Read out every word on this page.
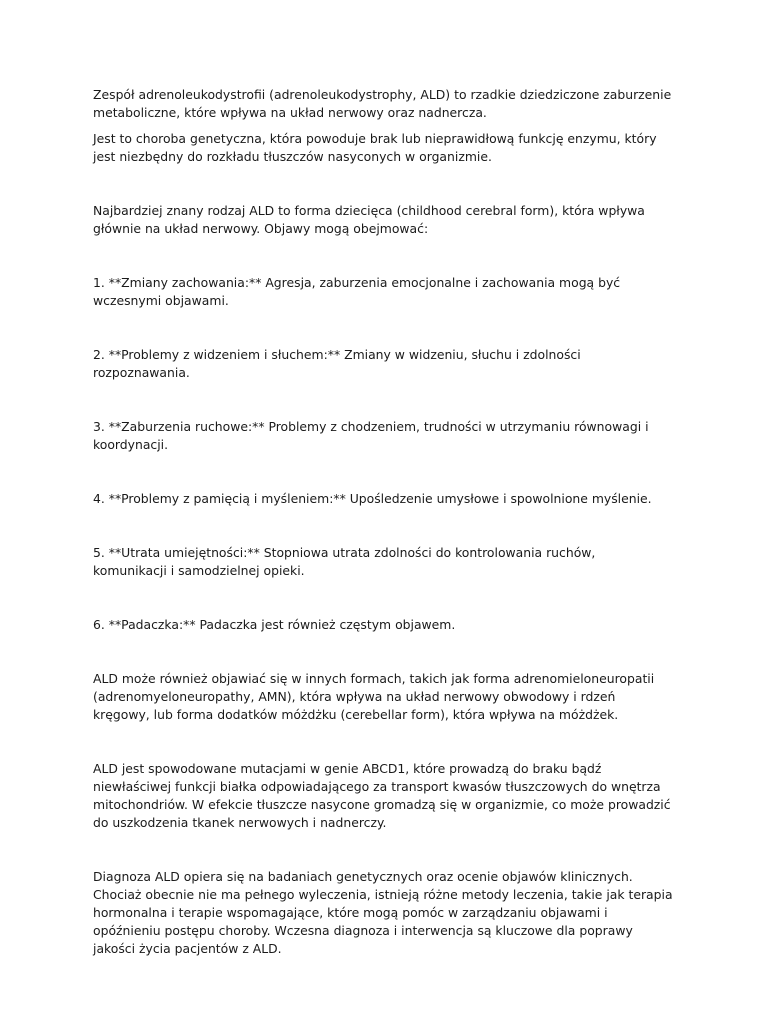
Zespół adrenoleukodystrofii (adrenoleukodystrophy, ALD) to rzadkie dziedziczone zaburzenie metaboliczne, które wpływa na układ nerwowy oraz nadnercza.

Jest to choroba genetyczna, która powoduje brak lub nieprawidłową funkcję enzymu, który jest niezbędny do rozkładu tłuszczów nasyconych w organizmie.

Najbardziej znany rodzaj ALD to forma dziecięca (childhood cerebral form), która wpływa głównie na układ nerwowy. Objawy mogą obejmować:

1. **Zmiany zachowania:** Agresja, zaburzenia emocjonalne i zachowania mogą być wczesnymi objawami.

2. **Problemy z widzeniem i słuchem:** Zmiany w widzeniu, słuchu i zdolności rozpoznawania.

3. **Zaburzenia ruchowe:** Problemy z chodzeniem, trudności w utrzymaniu równowagi i koordynacji.

4. **Problemy z pamięcią i myśleniem:** Upośledzenie umysłowe i spowolnione myślenie.

5. **Utrata umiejętności:** Stopniowa utrata zdolności do kontrolowania ruchów, komunikacji i samodzielnej opieki.

6. **Padaczka:** Padaczka jest również częstym objawem.

ALD może również objawiać się w innych formach, takich jak forma adrenomieloneuropatii (adrenomyeloneuropathy, AMN), która wpływa na układ nerwowy obwodowy i rdzeń kręgowy, lub forma dodatków móżdżku (cerebellar form), która wpływa na móżdżek.

ALD jest spowodowane mutacjami w genie ABCD1, które prowadzą do braku bądź niewłaściwej funkcji białka odpowiadającego za transport kwasów tłuszczowych do wnętrza mitochondriów. W efekcie tłuszcze nasycone gromadzą się w organizmie, co może prowadzić do uszkodzenia tkanek nerwowych i nadnerczy.

Diagnoza ALD opiera się na badaniach genetycznych oraz ocenie objawów klinicznych. Chociaż obecnie nie ma pełnego wyleczenia, istnieją różne metody leczenia, takie jak terapia hormonalna i terapie wspomagające, które mogą pomóc w zarządzaniu objawami i opóźnieniu postępu choroby. Wczesna diagnoza i interwencja są kluczowe dla poprawy jakości życia pacjentów z ALD.
